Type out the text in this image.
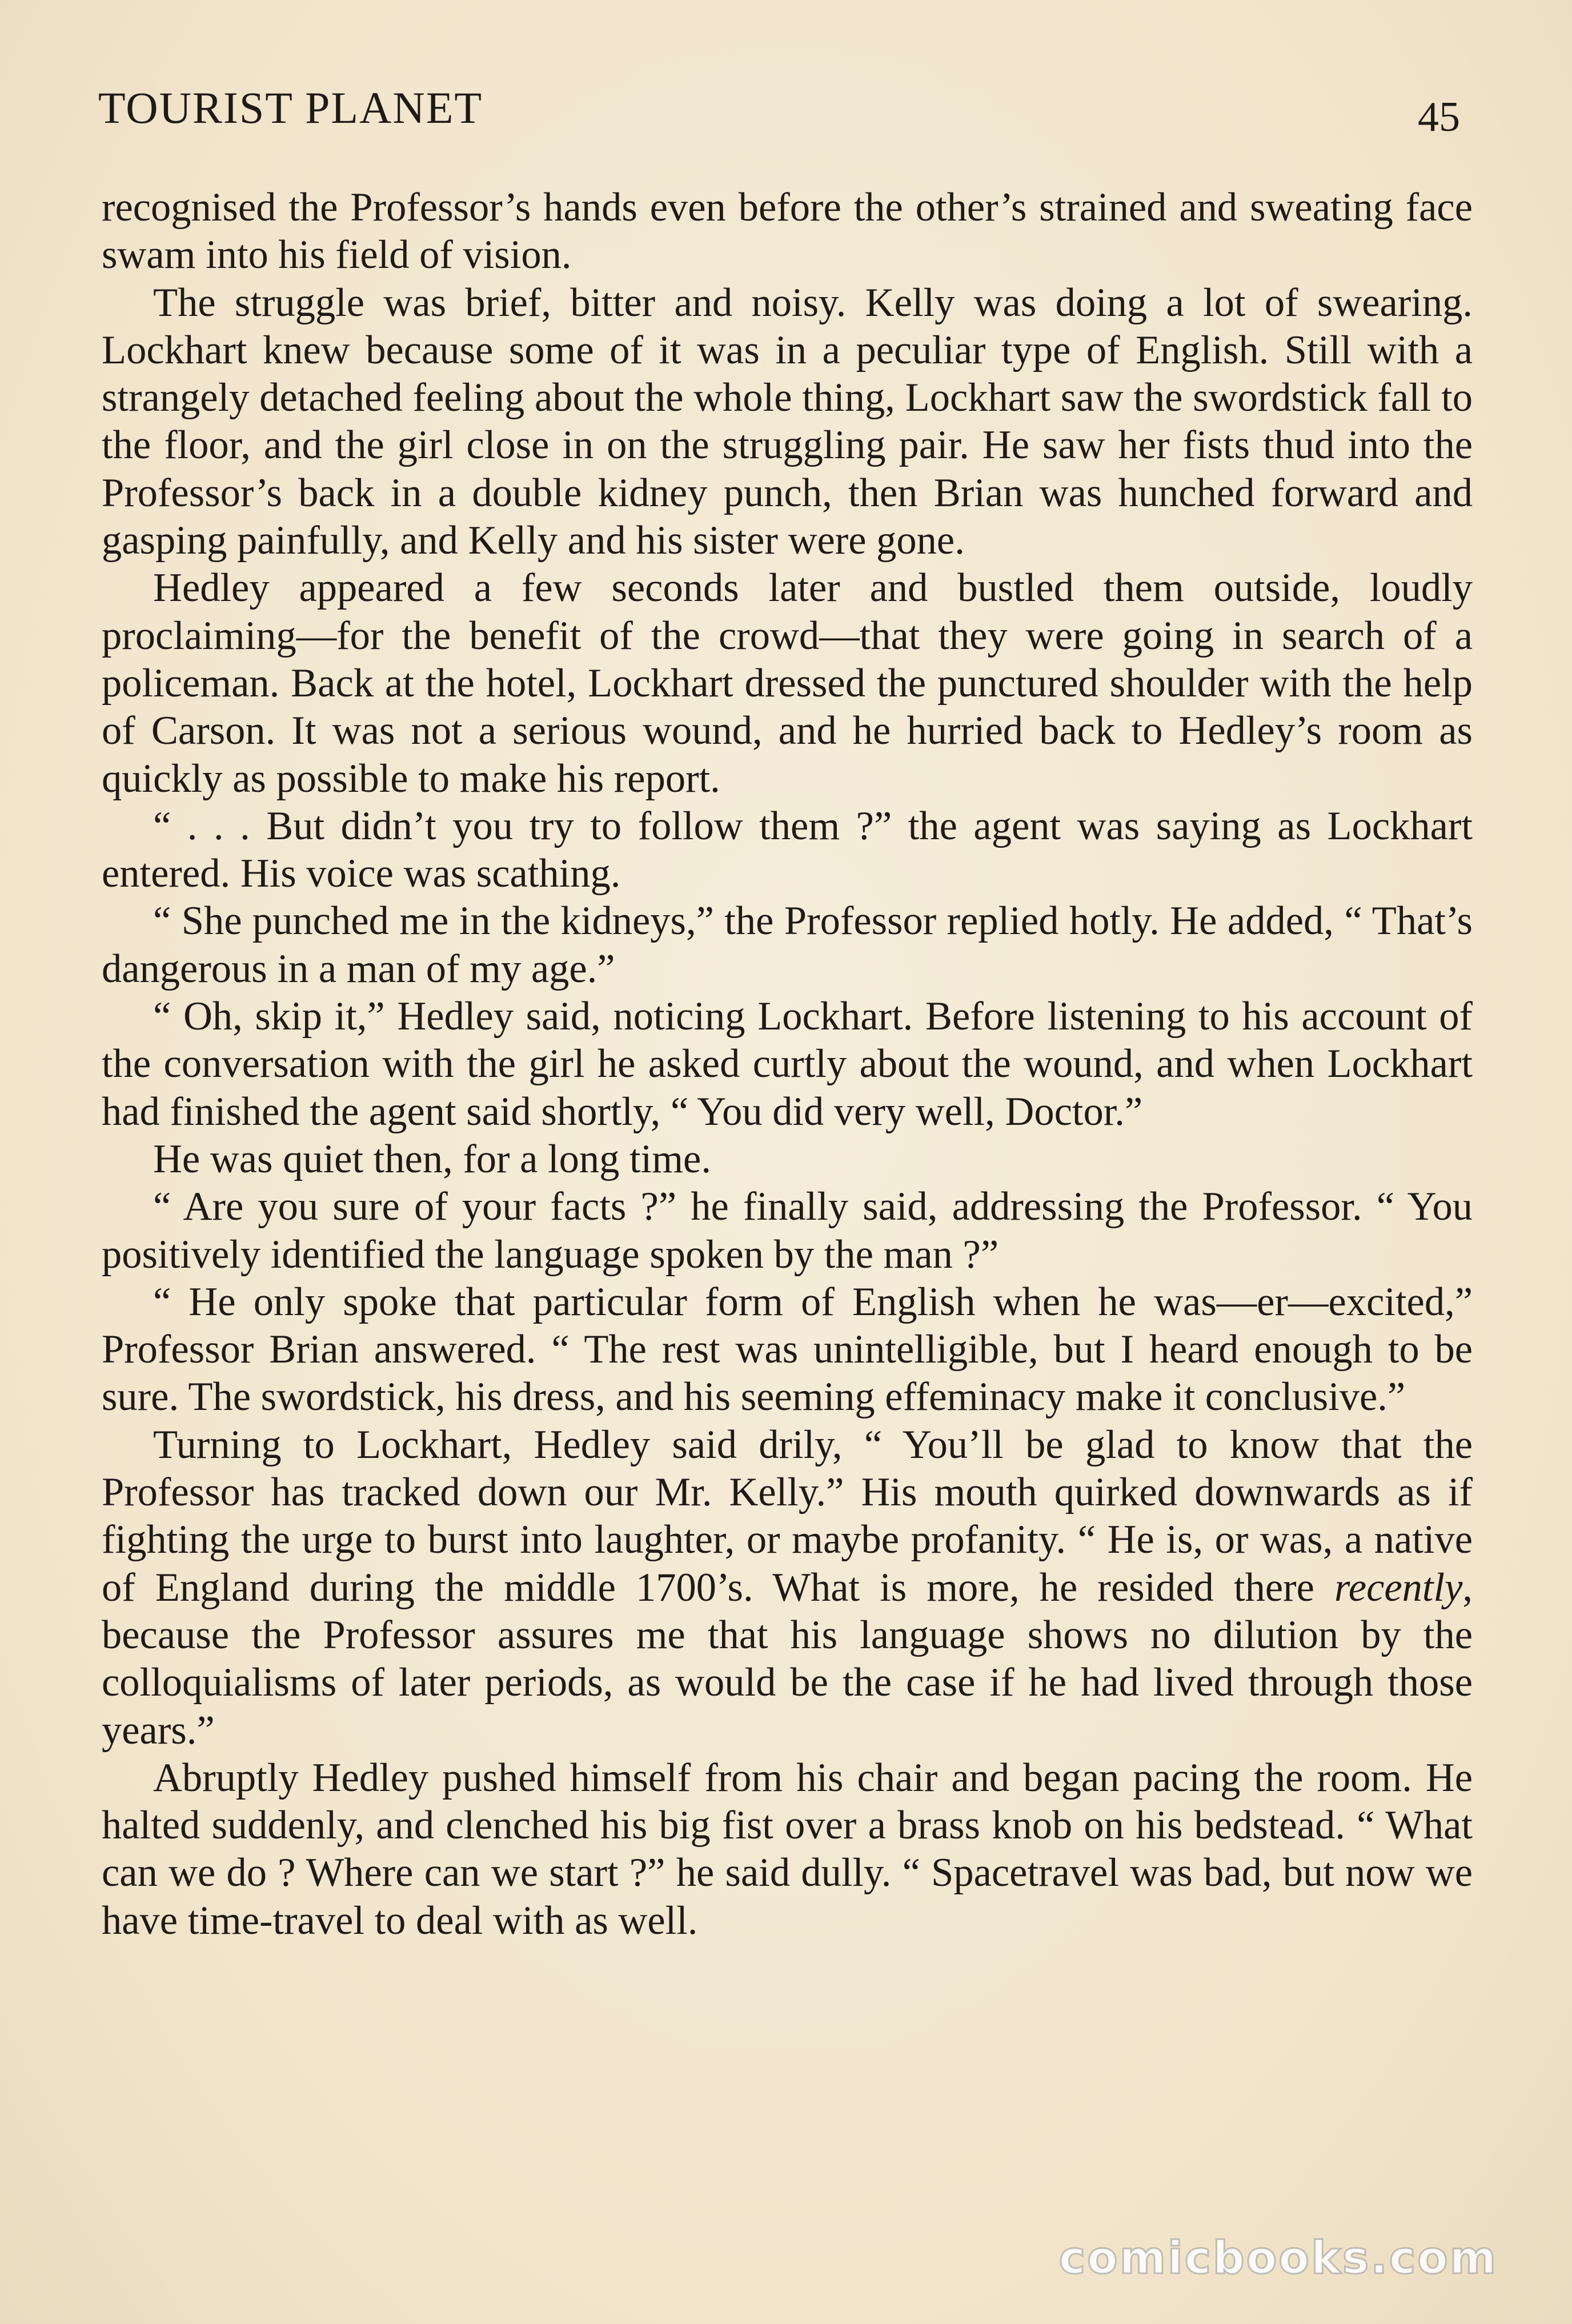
TOURIST PLANET	45

recognised the Professor’s hands even before the other’s strained and sweating face swam into his field of vision.

The struggle was brief, bitter and noisy. Kelly was doing a lot of swearing. Lockhart knew because some of it was in a peculiar type of English. Still with a strangely detached feeling about the whole thing, Lockhart saw the swordstick fall to the floor, and the girl close in on the struggling pair. He saw her fists thud into the Professor’s back in a double kidney punch, then Brian was hunched forward and gasping painfully, and Kelly and his sister were gone.

Hedley appeared a few seconds later and bustled them outside, loudly proclaiming—for the benefit of the crowd—that they were going in search of a policeman. Back at the hotel, Lockhart dressed the punctured shoulder with the help of Carson. It was not a serious wound, and he hurried back to Hedley’s room as quickly as possible to make his report.

“ . . . But didn’t you try to follow them ?” the agent was saying as Lockhart entered. His voice was scathing.

“ She punched me in the kidneys,” the Professor replied hotly. He added, “ That’s dangerous in a man of my age.”

“ Oh, skip it,” Hedley said, noticing Lockhart. Before listening to his account of the conversation with the girl he asked curtly about the wound, and when Lockhart had finished the agent said shortly, “ You did very well, Doctor.”

He was quiet then, for a long time.

“ Are you sure of your facts ?” he finally said, addressing the Professor. “ You positively identified the language spoken by the man ?”

“ He only spoke that particular form of English when he was—er—excited,” Professor Brian answered. “ The rest was unintelligible, but I heard enough to be sure. The swordstick, his dress, and his seeming effeminacy make it conclusive.”

Turning to Lockhart, Hedley said drily, “ You’ll be glad to know that the Professor has tracked down our Mr. Kelly.” His mouth quirked downwards as if fighting the urge to burst into laughter, or maybe profanity. “ He is, or was, a native of England during the middle 1700’s. What is more, he resided there recently, because the Professor assures me that his language shows no dilution by the colloquialisms of later periods, as would be the case if he had lived through those years.”

Abruptly Hedley pushed himself from his chair and began pacing the room. He halted suddenly, and clenched his big fist over a brass knob on his bedstead. “ What can we do ? Where can we start ?” he said dully. “ Spacetravel was bad, but now we have time-travel to deal with as well.

comicbooks.com
